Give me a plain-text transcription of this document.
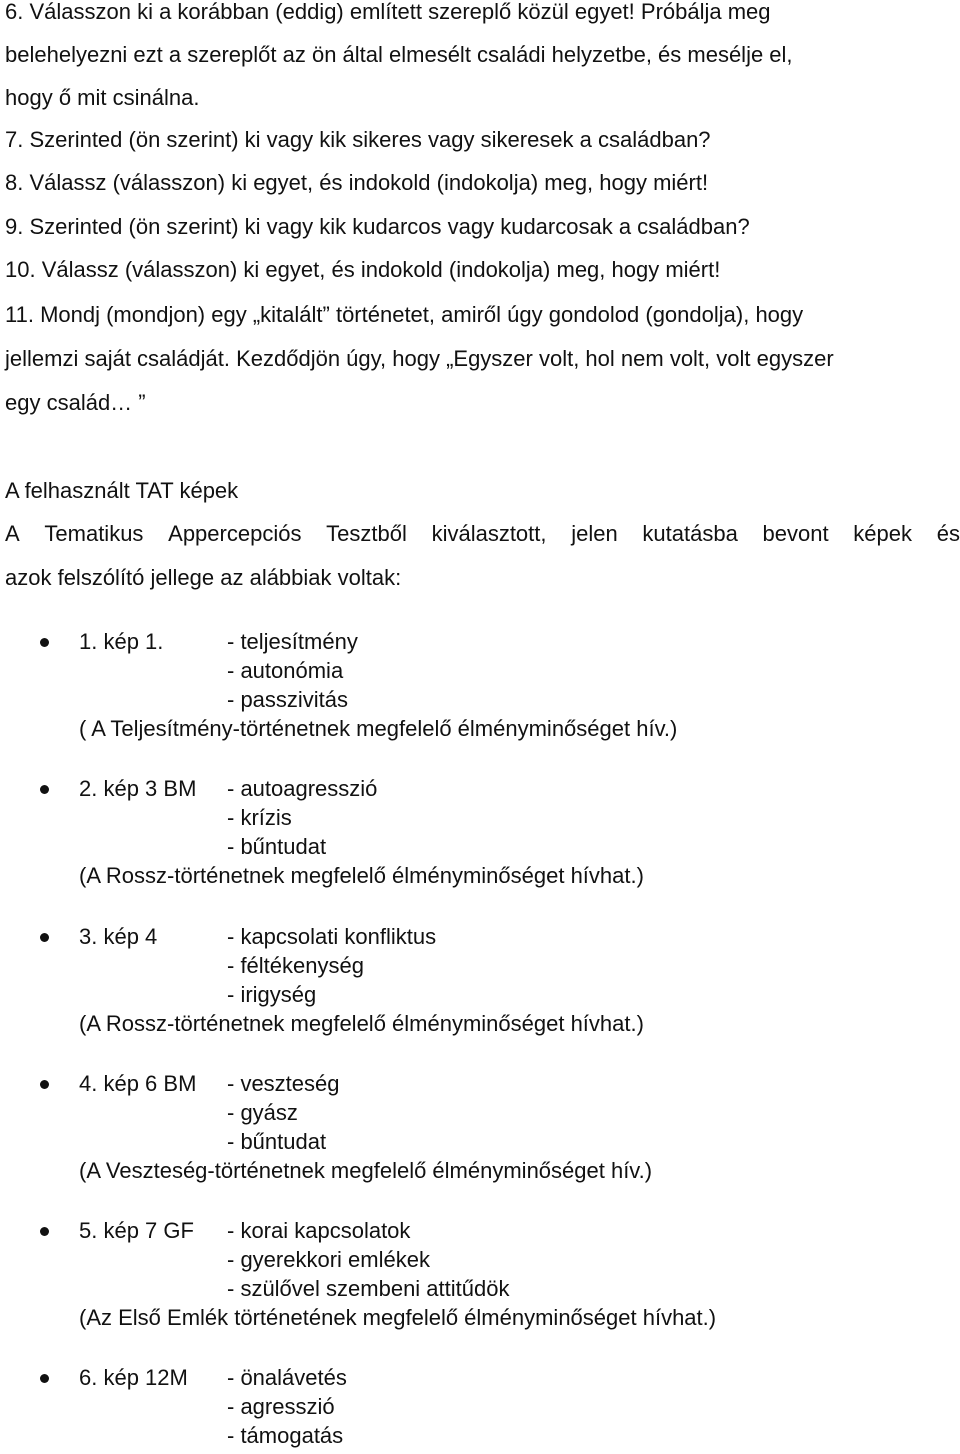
6. Válasszon ki a korábban (eddig) említett szereplő közül egyet! Próbálja meg
belehelyezni ezt a szereplőt az ön által elmesélt családi helyzetbe, és mesélje el,
hogy ő mit csinálna.
7. Szerinted (ön szerint) ki vagy kik sikeres vagy sikeresek a családban?
8. Válassz (válasszon) ki egyet, és indokold (indokolja) meg, hogy miért!
9. Szerinted (ön szerint) ki vagy kik kudarcos vagy kudarcosak a családban?
10. Válassz (válasszon) ki egyet, és indokold (indokolja) meg, hogy miért!
11. Mondj (mondjon) egy „kitalált” történetet, amiről úgy gondolod (gondolja), hogy
jellemzi saját családját. Kezdődjön úgy, hogy „Egyszer volt, hol nem volt, volt egyszer
egy család… ”
A felhasznált TAT képek
A Tematikus Appercepciós Tesztből kiválasztott, jelen kutatásba bevont képek és
azok felszólító jellege az alábbiak voltak:
1. kép 1.	- teljesítmény
- autonómia
- passzivitás
( A Teljesítmény-történetnek megfelelő élményminőséget hív.)
2. kép 3 BM - autoagresszió
- krízis
- bűntudat
(A Rossz-történetnek megfelelő élményminőséget hívhat.)
3. kép 4	- kapcsolati konfliktus
- féltékenység
- irigység
(A Rossz-történetnek megfelelő élményminőséget hívhat.)
4. kép 6 BM - veszteség
- gyász
- bűntudat
(A Veszteség-történetnek megfelelő élményminőséget hív.)
5. kép 7 GF - korai kapcsolatok
- gyerekkori emlékek
- szülővel szembeni attitűdök
(Az Első Emlék történetének megfelelő élményminőséget hívhat.)
6. kép 12M - önalávetés
- agresszió
- támogatás
